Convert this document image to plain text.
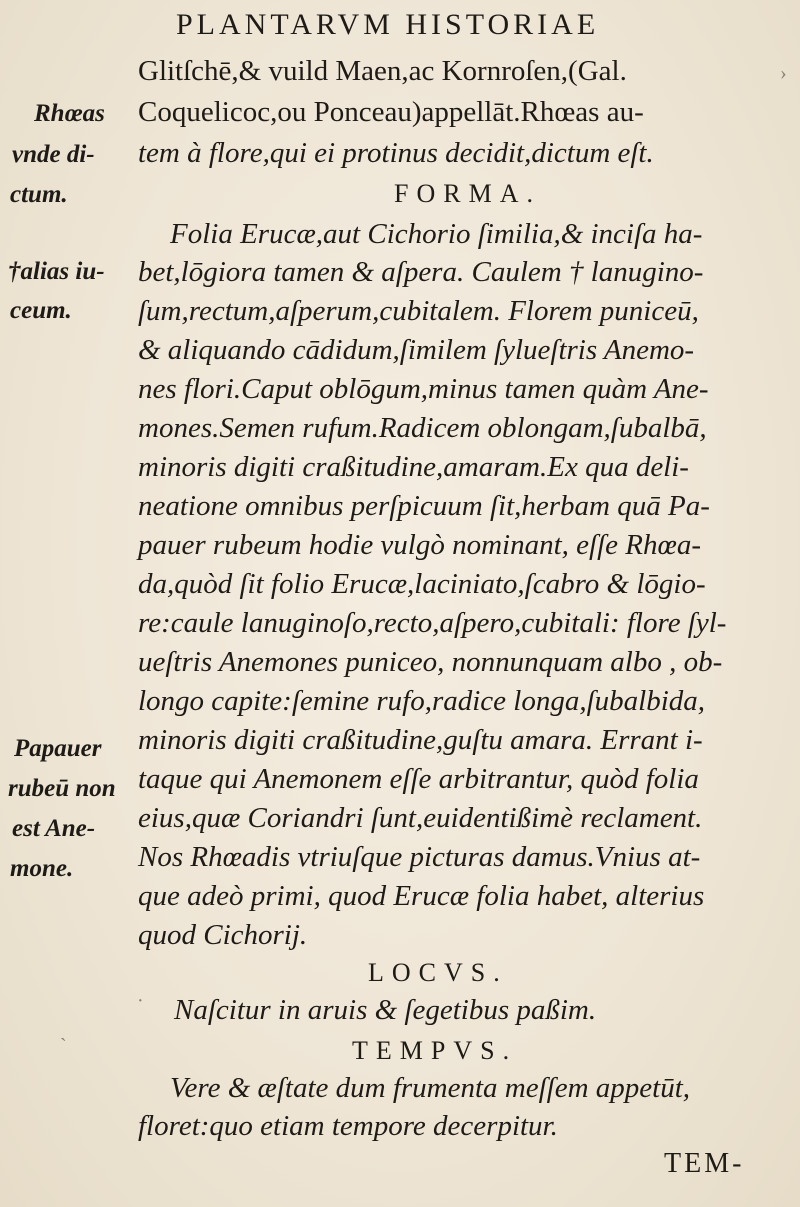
PLANTARVM HISTORIAE
Glitſchē,& vuild Maen,ac Kornroſen,(Gal.
Coquelicoc,ou Ponceau)appellāt.Rhœas au-
tem à flore,qui ei protinus decidit,dictum eſt.
FORMA.
Folia Erucæ,aut Cichorio ſimilia,& inciſa ha-
bet,lōgiora tamen & aſpera. Caulem † lanugino-
ſum,rectum,aſperum,cubitalem. Florem puniceū,
& aliquando cādidum,ſimilem ſylueſtris Anemo-
nes flori.Caput oblōgum,minus tamen quàm Ane-
mones.Semen rufum.Radicem oblongam,ſubalbā,
minoris digiti craßitudine,amaram.Ex qua deli-
neatione omnibus perſpicuum ſit,herbam quā Pa-
pauer rubeum hodie vulgò nominant, eſſe Rhœa-
da,quòd ſit folio Erucæ,laciniato,ſcabro & lōgio-
re:caule lanuginoſo,recto,aſpero,cubitali: flore ſyl-
ueſtris Anemones puniceo, nonnunquam albo , ob-
longo capite:ſemine rufo,radice longa,ſubalbida,
minoris digiti craßitudine,guſtu amara. Errant i-
taque qui Anemonem eſſe arbitrantur, quòd folia
eius,quæ Coriandri ſunt,euidentißimè reclament.
Nos Rhœadis vtriuſque picturas damus.Vnius at-
que adeò primi, quod Erucæ folia habet, alterius
quod Cichorij.
LOCVS.
Naſcitur in aruis & ſegetibus paßim.
TEMPVS.
Vere & æſtate dum frumenta meſſem appetūt,
floret:quo etiam tempore decerpitur.
TEM-
Rhœas
vnde di-
ctum.
†alias iu-
ceum.
Papauer
rubeū non
est Ane-
mone.
›
·
ˋ
